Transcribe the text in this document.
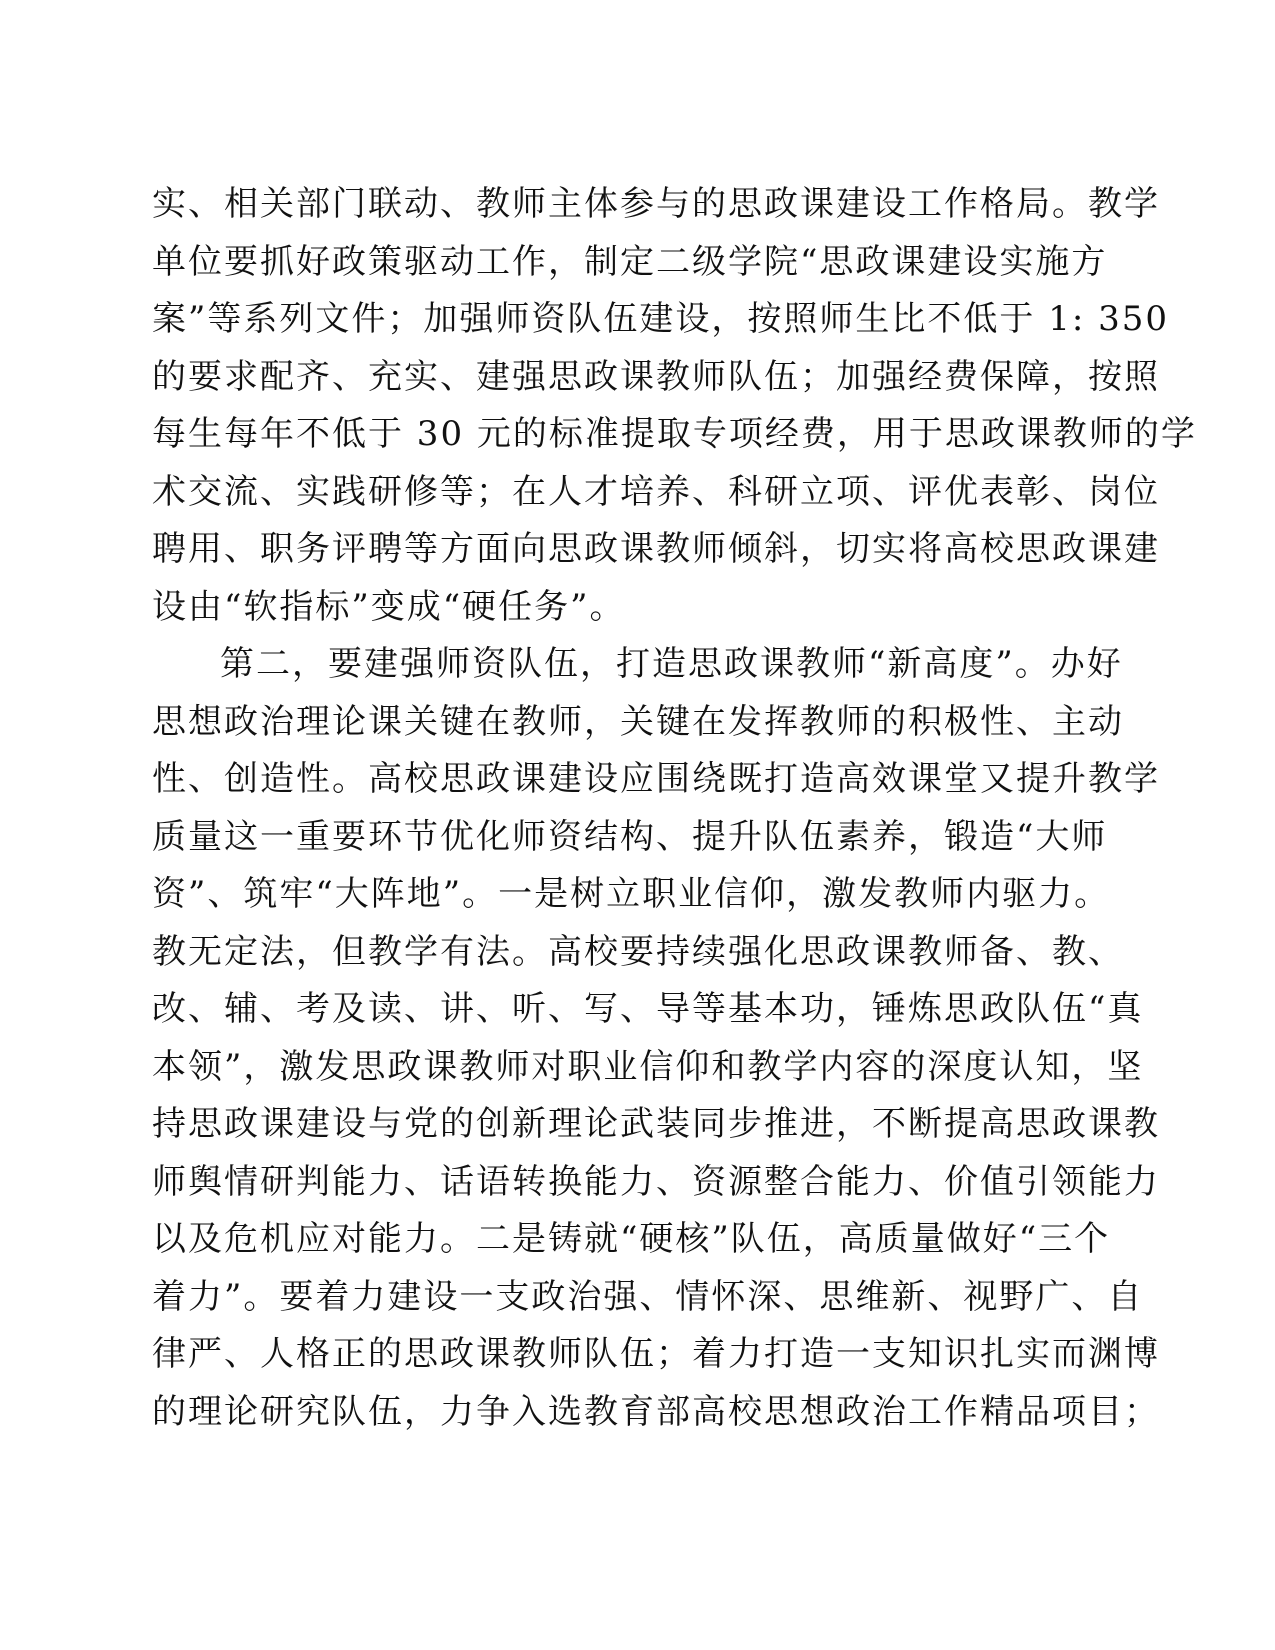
实、相关部门联动、教师主体参与的思政课建设工作格局。教学
单位要抓好政策驱动工作，制定二级学院“思政课建设实施方
案”等系列文件；加强师资队伍建设，按照师生比不低于 1: 350
的要求配齐、充实、建强思政课教师队伍；加强经费保障，按照
每生每年不低于 30 元的标准提取专项经费，用于思政课教师的学
术交流、实践研修等；在人才培养、科研立项、评优表彰、岗位
聘用、职务评聘等方面向思政课教师倾斜，切实将高校思政课建
设由“软指标”变成“硬任务”。
第二，要建强师资队伍，打造思政课教师“新高度”。办好
思想政治理论课关键在教师，关键在发挥教师的积极性、主动
性、创造性。高校思政课建设应围绕既打造高效课堂又提升教学
质量这一重要环节优化师资结构、提升队伍素养，锻造“大师
资”、筑牢“大阵地”。一是树立职业信仰，激发教师内驱力。
教无定法，但教学有法。高校要持续强化思政课教师备、教、
改、辅、考及读、讲、听、写、导等基本功，锤炼思政队伍“真
本领”，激发思政课教师对职业信仰和教学内容的深度认知，坚
持思政课建设与党的创新理论武装同步推进，不断提高思政课教
师舆情研判能力、话语转换能力、资源整合能力、价值引领能力
以及危机应对能力。二是铸就“硬核”队伍，高质量做好“三个
着力”。要着力建设一支政治强、情怀深、思维新、视野广、自
律严、人格正的思政课教师队伍；着力打造一支知识扎实而渊博
的理论研究队伍，力争入选教育部高校思想政治工作精品项目；
